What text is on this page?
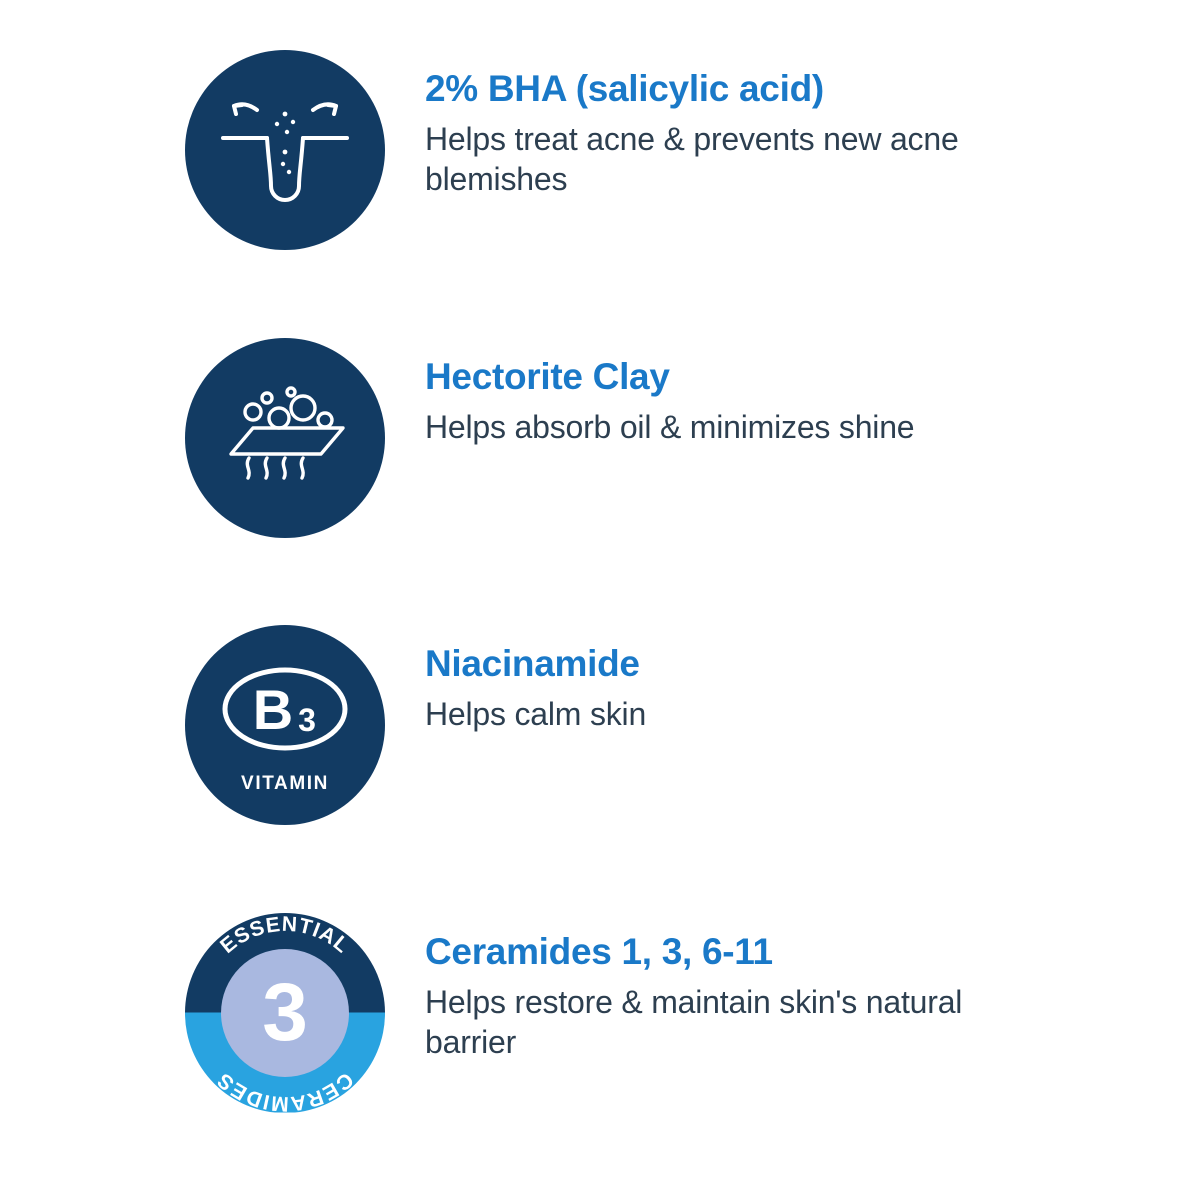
2% BHA (salicylic acid)

Helps treat acne & prevents new acne blemishes

Hectorite Clay

Helps absorb oil & minimizes shine

B 3
VITAMIN

Niacinamide

Helps calm skin

ESSENTIAL
CERAMIDES
3

Ceramides 1, 3, 6-11

Helps restore & maintain skin's natural barrier
